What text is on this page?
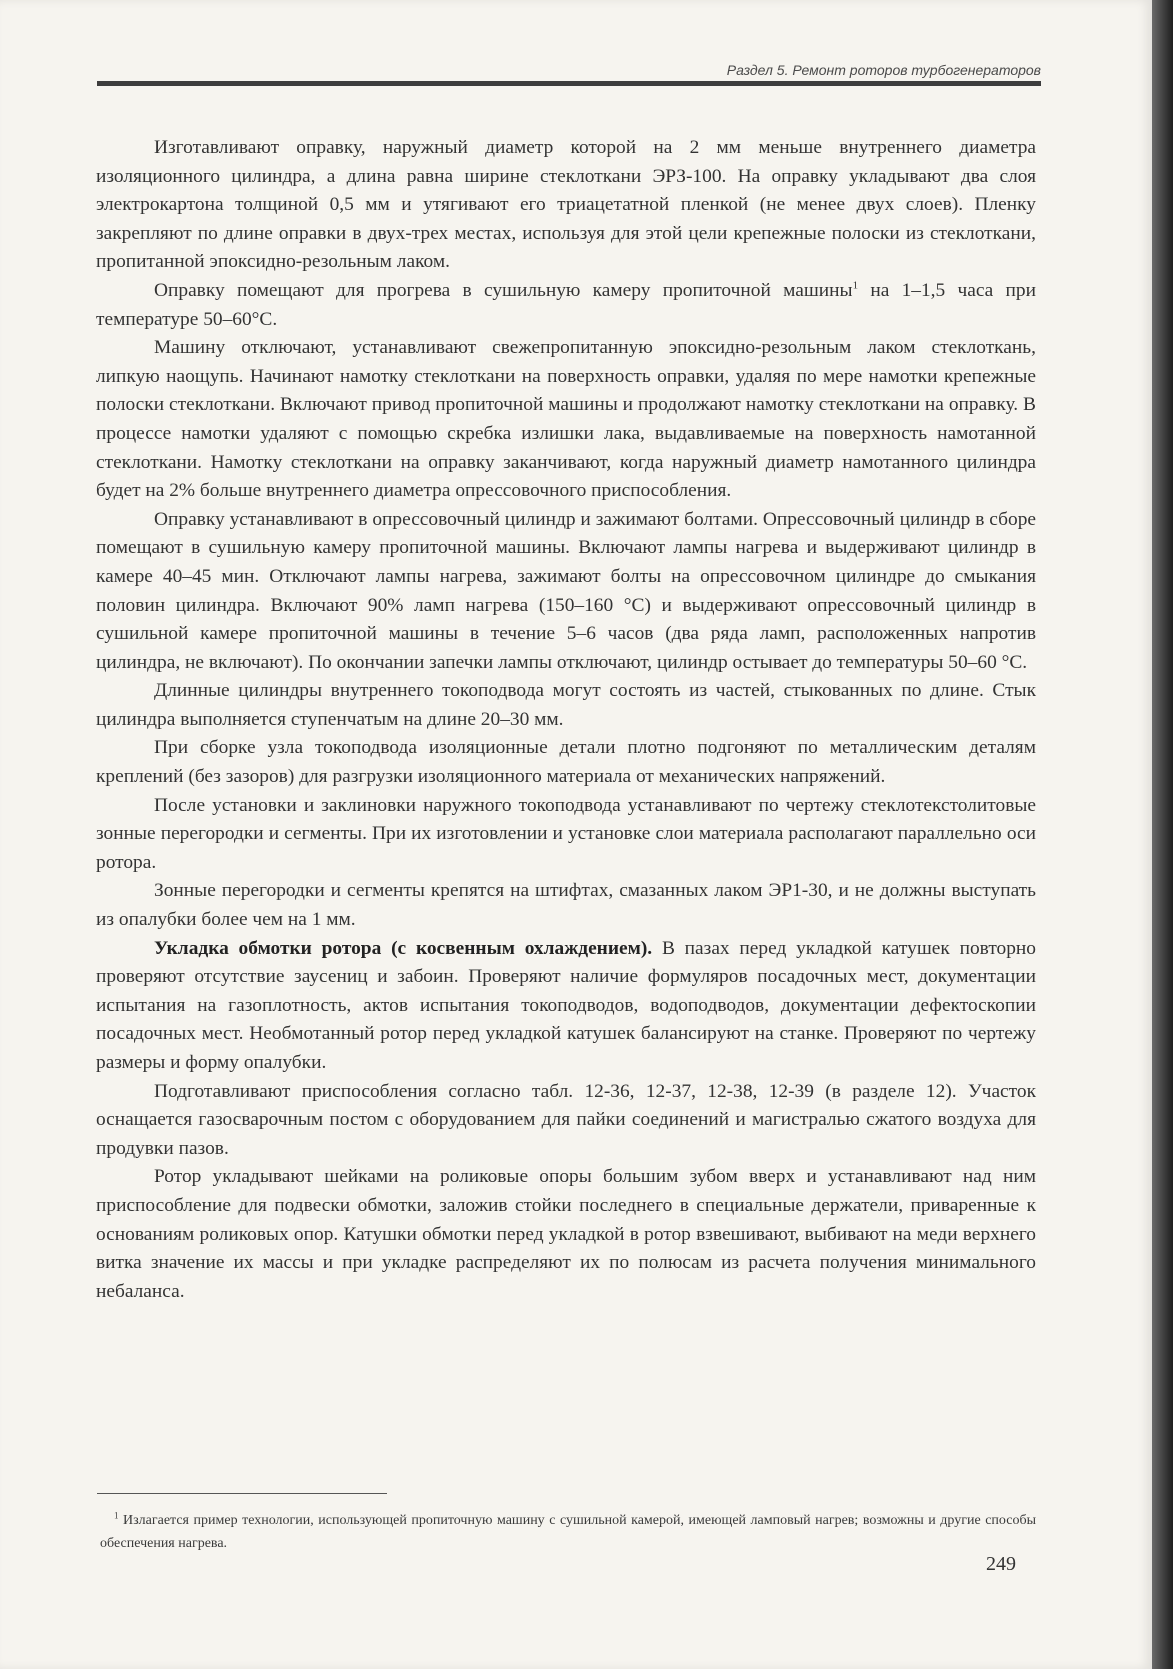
Раздел 5. Ремонт роторов турбогенераторов

Изготавливают оправку, наружный диаметр которой на 2 мм меньше внутреннего диаметра изоляционного цилиндра, а длина равна ширине стеклоткани ЭРЗ-100. На оправку укладывают два слоя электрокартона толщиной 0,5 мм и утягивают его триацетатной пленкой (не менее двух слоев). Пленку закрепляют по длине оправки в двух-трех местах, используя для этой цели крепежные полоски из стеклоткани, пропитанной эпоксидно-резольным лаком.

Оправку помещают для прогрева в сушильную камеру пропиточной машины$^1$ на 1–1,5 часа при температуре 50–60°С.

Машину отключают, устанавливают свежепропитанную эпоксидно-резольным лаком стеклоткань, липкую наощупь. Начинают намотку стеклоткани на поверхность оправки, удаляя по мере намотки крепежные полоски стеклоткани. Включают привод пропиточной машины и продолжают намотку стеклоткани на оправку. В процессе намотки удаляют с помощью скребка излишки лака, выдавливаемые на поверхность намотанной стеклоткани. Намотку стеклоткани на оправку заканчивают, когда наружный диаметр намотанного цилиндра будет на 2% больше внутреннего диаметра опрессовочного приспособления.

Оправку устанавливают в опрессовочный цилиндр и зажимают болтами. Опрессовочный цилиндр в сборе помещают в сушильную камеру пропиточной машины. Включают лампы нагрева и выдерживают цилиндр в камере 40–45 мин. Отключают лампы нагрева, зажимают болты на опрессовочном цилиндре до смыкания половин цилиндра. Включают 90% ламп нагрева (150–160 °С) и выдерживают опрессовочный цилиндр в сушильной камере пропиточной машины в течение 5–6 часов (два ряда ламп, расположенных напротив цилиндра, не включают). По окончании запечки лампы отключают, цилиндр остывает до температуры 50–60 °С.

Длинные цилиндры внутреннего токоподвода могут состоять из частей, стыкованных по длине. Стык цилиндра выполняется ступенчатым на длине 20–30 мм.

При сборке узла токоподвода изоляционные детали плотно подгоняют по металлическим деталям креплений (без зазоров) для разгрузки изоляционного материала от механических напряжений.

После установки и заклиновки наружного токоподвода устанавливают по чертежу стеклотекстолитовые зонные перегородки и сегменты. При их изготовлении и установке слои материала располагают параллельно оси ротора.

Зонные перегородки и сегменты крепятся на штифтах, смазанных лаком ЭР1-30, и не должны выступать из опалубки более чем на 1 мм.

Укладка обмотки ротора (с косвенным охлаждением). В пазах перед укладкой катушек повторно проверяют отсутствие заусениц и забоин. Проверяют наличие формуляров посадочных мест, документации испытания на газоплотность, актов испытания токоподводов, водоподводов, документации дефектоскопии посадочных мест. Необмотанный ротор перед укладкой катушек балансируют на станке. Проверяют по чертежу размеры и форму опалубки.

Подготавливают приспособления согласно табл. 12-36, 12-37, 12-38, 12-39 (в разделе 12). Участок оснащается газосварочным постом с оборудованием для пайки соединений и магистралью сжатого воздуха для продувки пазов.

Ротор укладывают шейками на роликовые опоры большим зубом вверх и устанавливают над ним приспособление для подвески обмотки, заложив стойки последнего в специальные держатели, приваренные к основаниям роликовых опор. Катушки обмотки перед укладкой в ротор взвешивают, выбивают на меди верхнего витка значение их массы и при укладке распределяют их по полюсам из расчета получения минимального небаланса.

$^1$ Излагается пример технологии, использующей пропиточную машину с сушильной камерой, имеющей ламповый нагрев; возможны и другие способы обеспечения нагрева.

249
